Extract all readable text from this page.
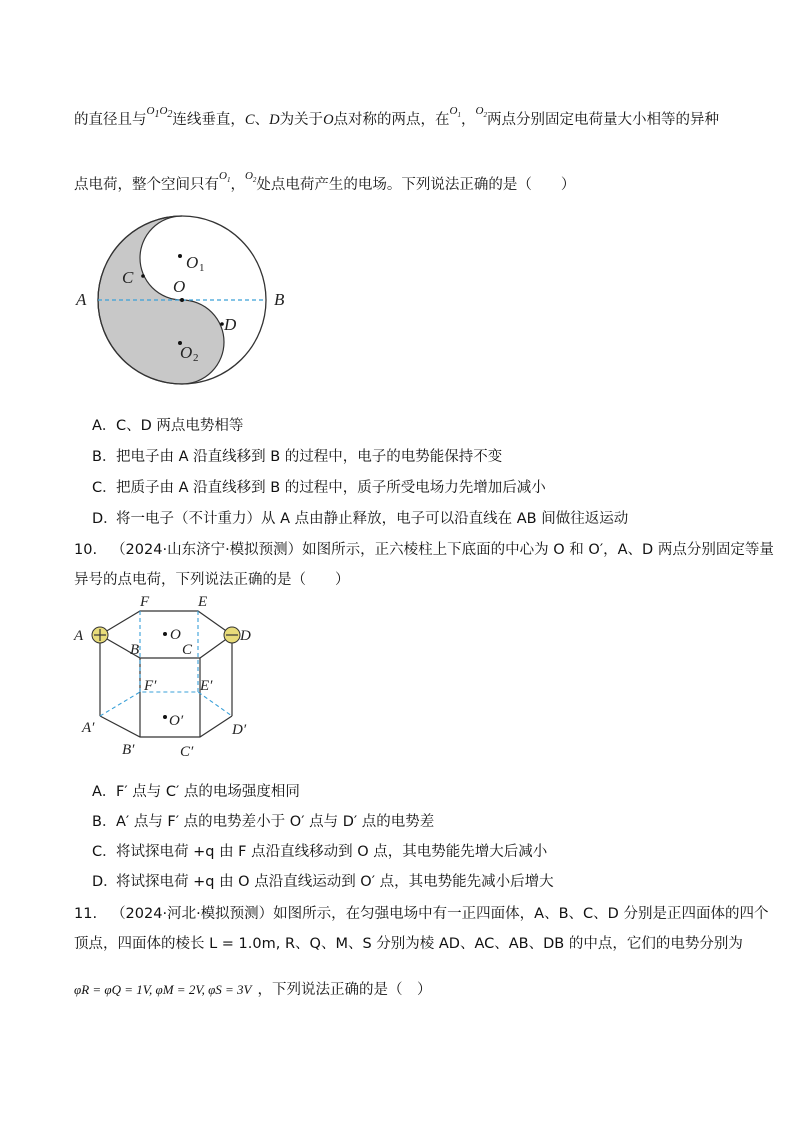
的直径且与$^{O1O2}$连线垂直，C、D为关于O点对称的两点，在$^{O_1}$，$^{O_2}$两点分别固定电荷量大小相等的异种
点电荷，整个空间只有$^{O_1}$，$^{O_2}$处点电荷产生的电场。下列说法正确的是（　　）
A	B
C
D
O
O 1
O 2
A．C、D 两点电势相等
B．把电子由 A 沿直线移到 B 的过程中，电子的电势能保持不变
C．把质子由 A 沿直线移到 B 的过程中，质子所受电场力先增加后减小
D．将一电子（不计重力）从 A 点由静止释放，电子可以沿直线在 AB 间做往返运动
10. （2024·山东济宁·模拟预测）如图所示，正六棱柱上下底面的中心为 O 和 O′，A、D 两点分别固定等量
异号的点电荷，下列说法正确的是（　　）
A
B	C
D
E
F
O
A′
B′	C′
D′
E′
F′
O′
A．F′ 点与 C′ 点的电场强度相同
B．A′ 点与 F′ 点的电势差小于 O′ 点与 D′ 点的电势差
C．将试探电荷 +q 由 F 点沿直线移动到 O 点，其电势能先增大后减小
D．将试探电荷 +q 由 O 点沿直线运动到 O′ 点，其电势能先减小后增大
11. （2024·河北·模拟预测）如图所示，在匀强电场中有一正四面体，A、B、C、D 分别是正四面体的四个
顶点，四面体的棱长 L = 1.0m, R、Q、M、S 分别为棱 AD、AC、AB、DB 的中点，它们的电势分别为
φR = φQ = 1V, φM = 2V, φS = 3V ，下列说法正确的是（　）
